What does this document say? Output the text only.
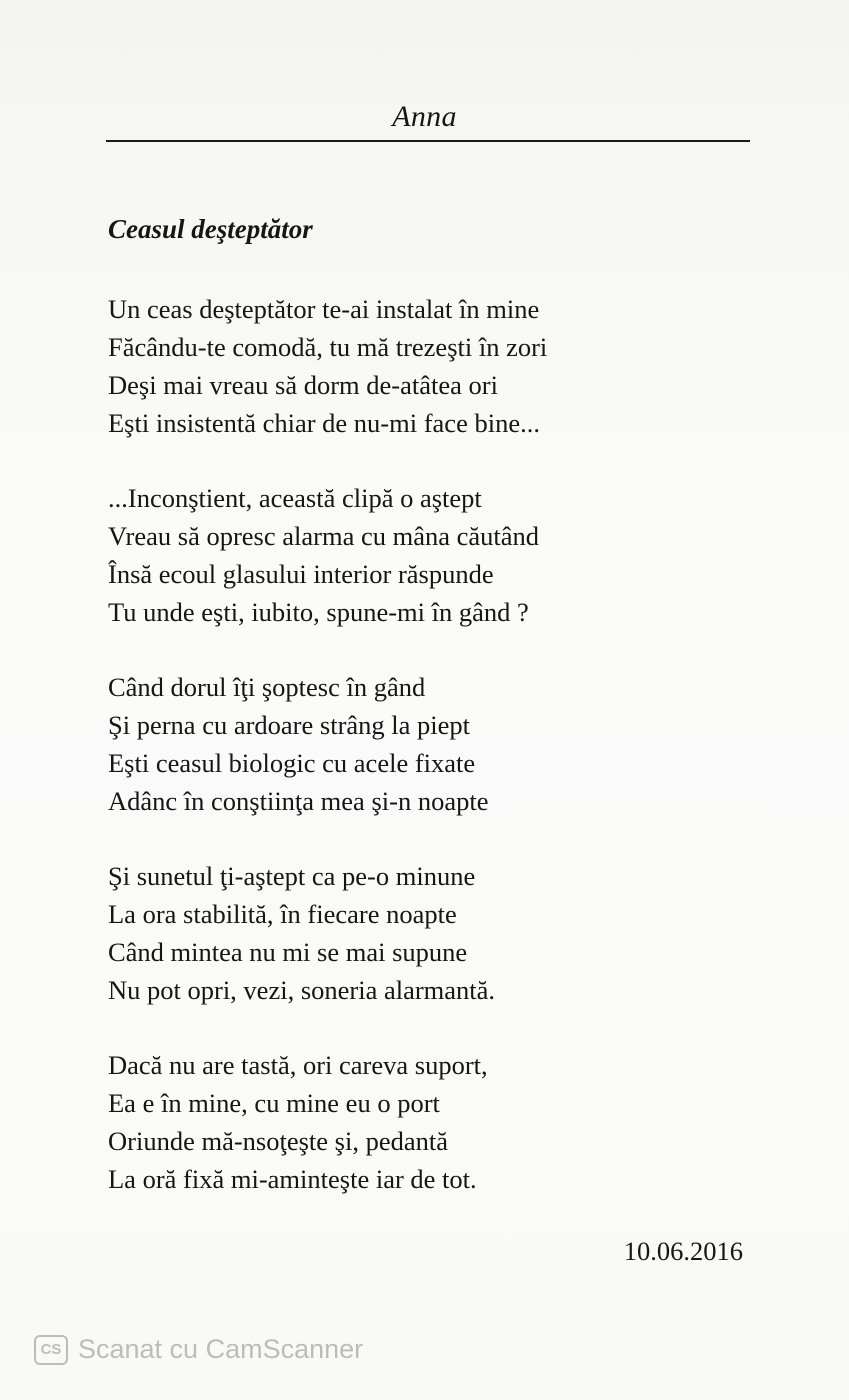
Anna
Ceasul deşteptător
Un ceas deşteptător te-ai instalat în mine
Făcându-te comodă, tu mă trezeşti în zori
Deşi mai vreau să dorm de-atâtea ori
Eşti insistentă chiar de nu-mi face bine...
...Inconştient, această clipă o aştept
Vreau să opresc alarma cu mâna căutând
Însă ecoul glasului interior răspunde
Tu unde eşti, iubito, spune-mi în gând ?
Când dorul îţi şoptesc în gând
Şi perna cu ardoare strâng la piept
Eşti ceasul biologic cu acele fixate
Adânc în conştiinţa mea şi-n noapte
Şi sunetul ţi-aştept ca pe-o minune
La ora stabilită, în fiecare noapte
Când mintea nu mi se mai supune
Nu pot opri, vezi, soneria alarmantă.
Dacă nu are tastă, ori careva suport,
Ea e în mine, cu mine eu o port
Oriunde mă-nsoţeşte şi, pedantă
La oră fixă mi-aminteşte iar de tot.
10.06.2016
CS Scanat cu CamScanner
